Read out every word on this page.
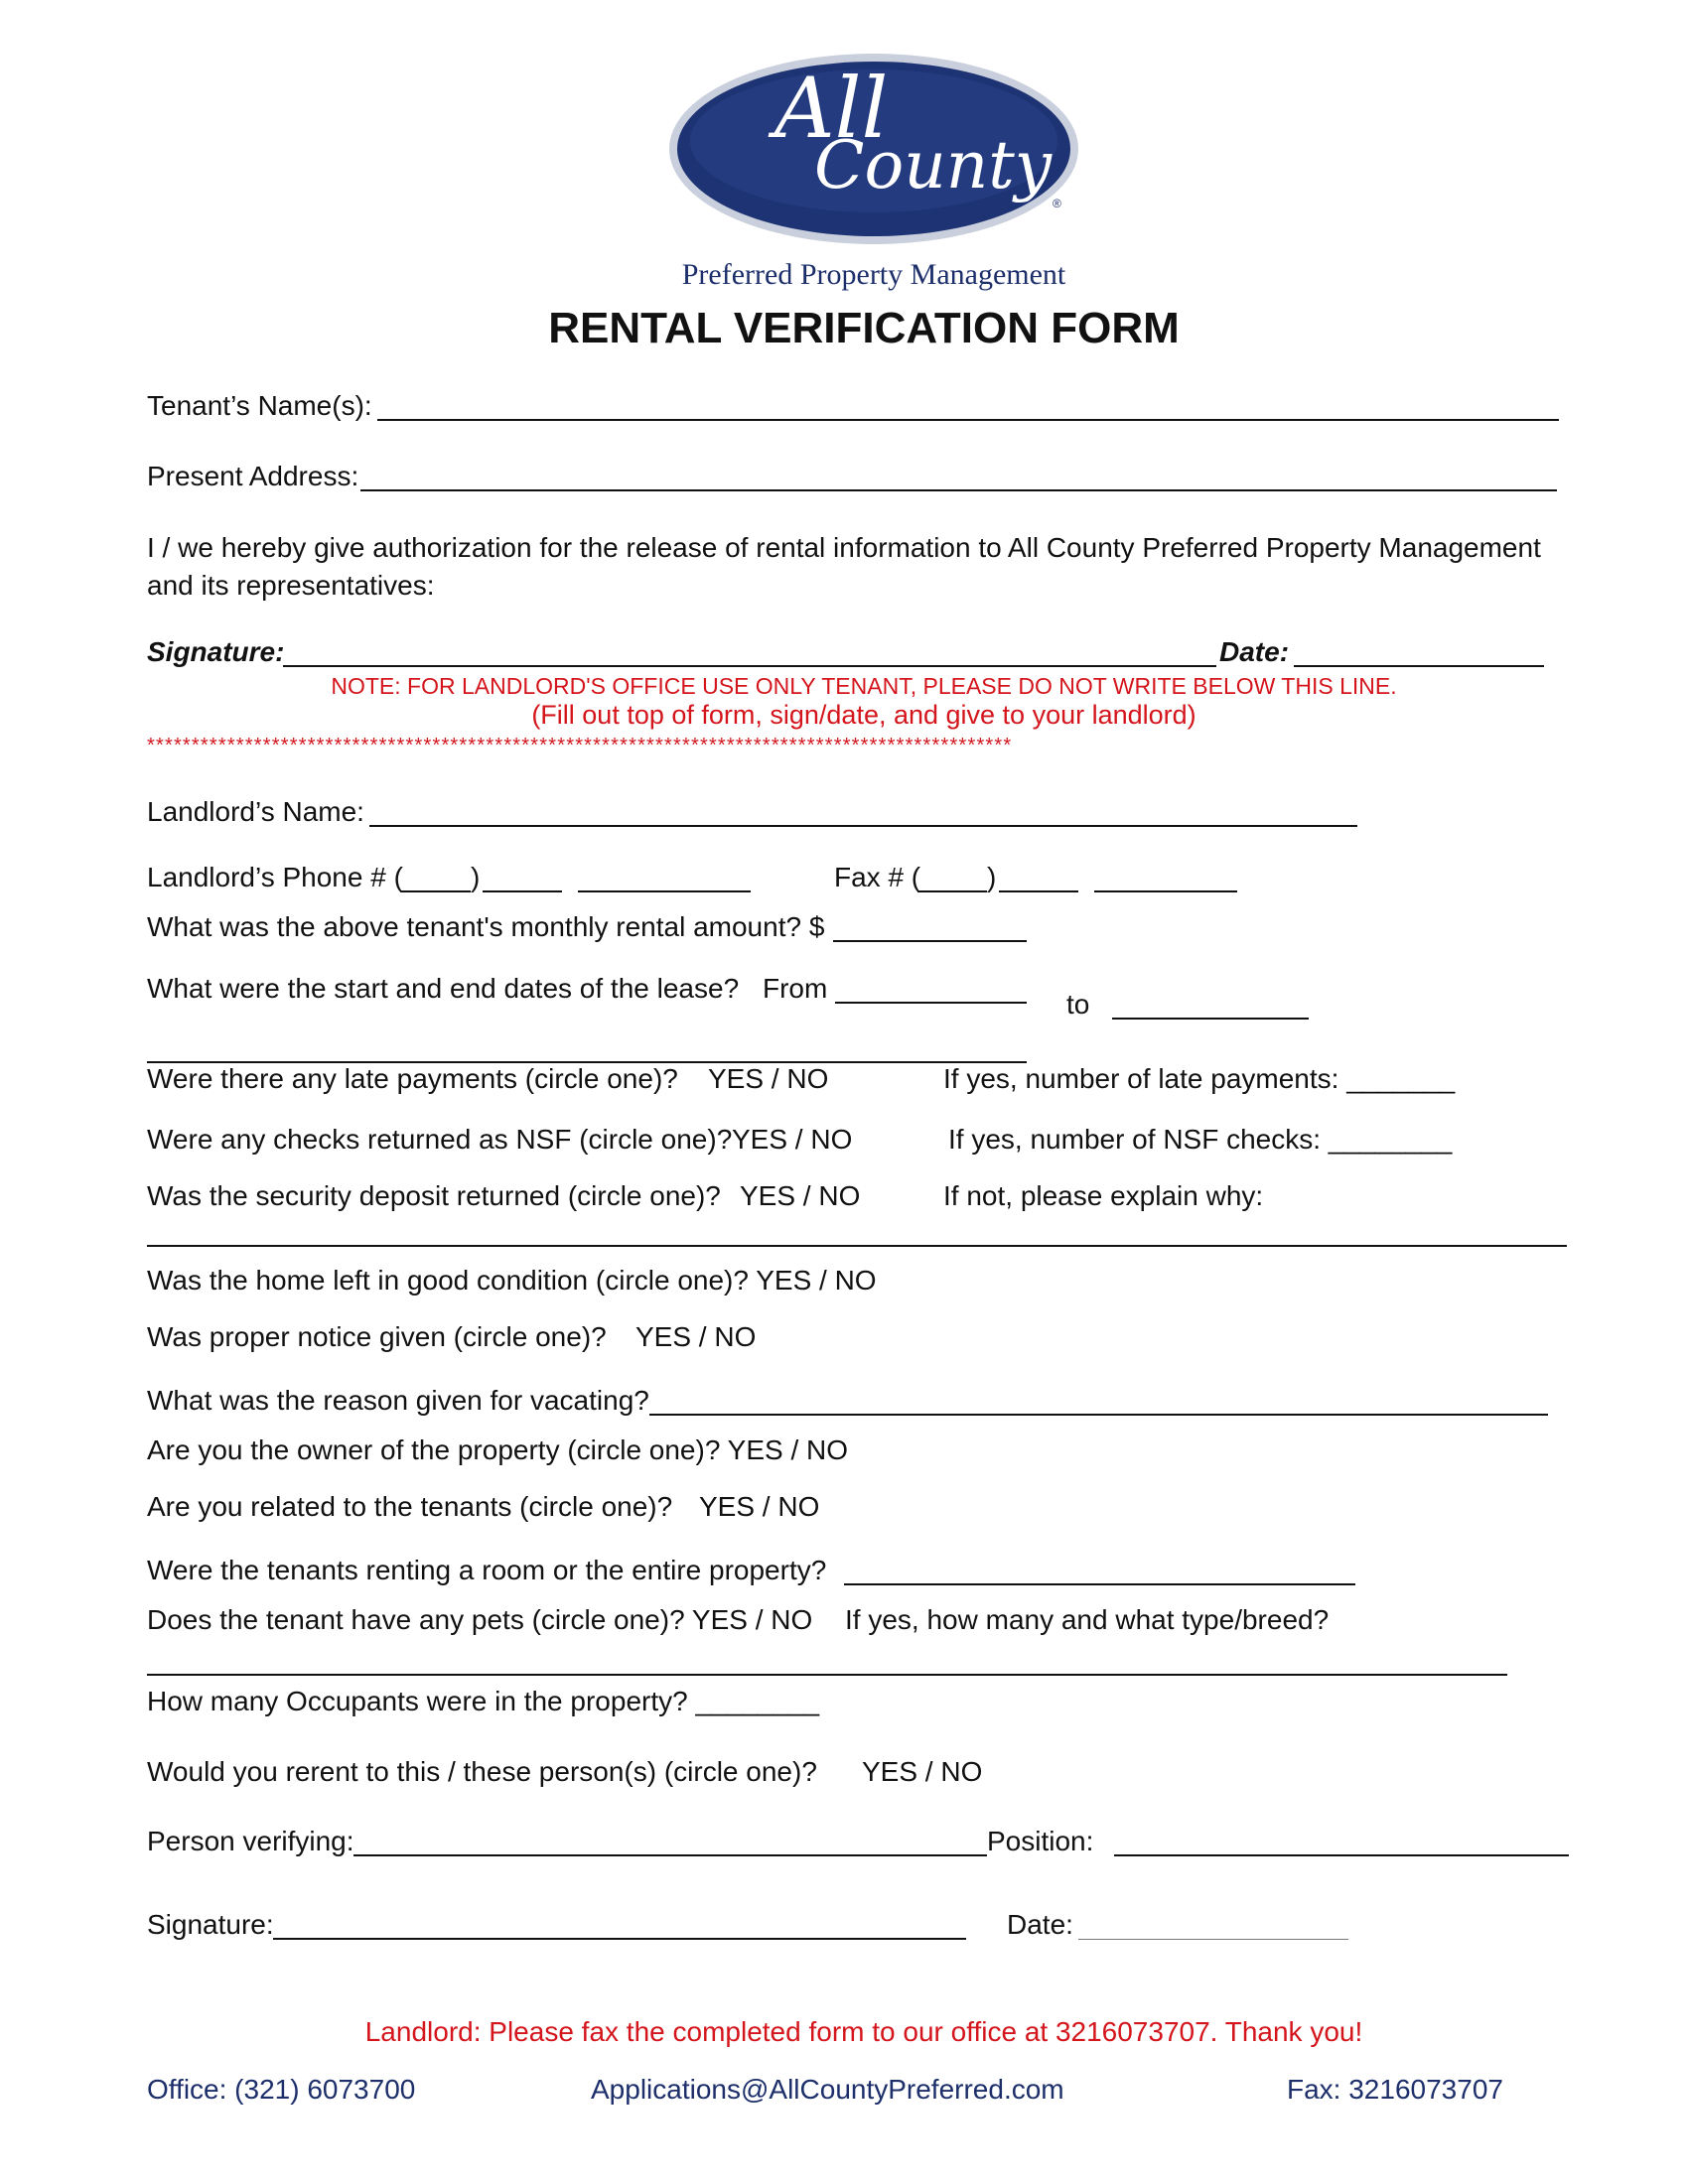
All
County ®
Preferred Property Management
RENTAL VERIFICATION FORM
Tenant’s Name(s):
Present Address:
I / we hereby give authorization for the release of rental information to All County Preferred Property Management and its representatives:
Signature:	Date:
NOTE: FOR LANDLORD'S OFFICE USE ONLY TENANT, PLEASE DO NOT WRITE BELOW THIS LINE.
(Fill out top of form, sign/date, and give to your landlord)
*************************************************************************************************
Landlord’s Name:
Landlord’s Phone # ( )	Fax # ( )
What was the above tenant's monthly rental amount? $
What were the start and end dates of the lease? From
to
Were there any late payments (circle one)? YES / NO	If yes, number of late payments: _______
Were any checks returned as NSF (circle one)? YES / NO	If yes, number of NSF checks: ________
Was the security deposit returned (circle one)? YES / NO	If not, please explain why:
Was the home left in good condition (circle one)? YES / NO
Was proper notice given (circle one)? YES / NO
What was the reason given for vacating?
Are you the owner of the property (circle one)? YES / NO
Are you related to the tenants (circle one)? YES / NO
Were the tenants renting a room or the entire property?
Does the tenant have any pets (circle one)? YES / NO If yes, how many and what type/breed?
How many Occupants were in the property? ________
Would you rerent to this / these person(s) (circle one)? YES / NO
Person verifying:	Position:
Signature:	Date:
Landlord: Please fax the completed form to our office at 3216073707. Thank you!
Office: (321) 6073700	Applications@AllCountyPreferred.com	Fax: 3216073707
